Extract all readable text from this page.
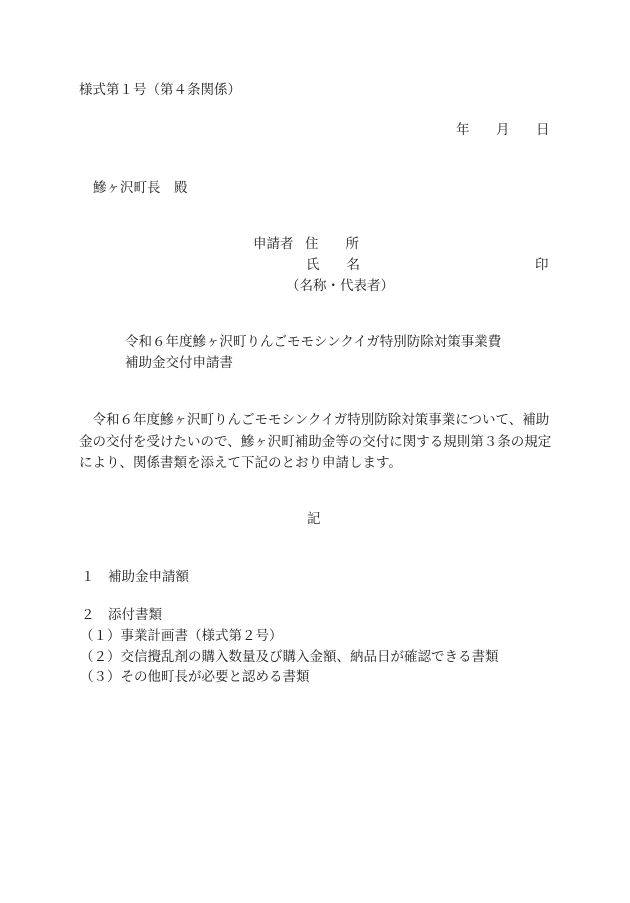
様式第１号（第４条関係）
年 月 日
鰺ヶ沢町長　殿
申請者 住　　所
氏　　名	印
（名称・代表者）
令和６年度鰺ヶ沢町りんごモモシンクイガ特別防除対策事業費
補助金交付申請書
　令和６年度鰺ヶ沢町りんごモモシンクイガ特別防除対策事業について、補助
金の交付を受けたいので、鰺ヶ沢町補助金等の交付に関する規則第３条の規定
により、関係書類を添えて下記のとおり申請します。
記
１　補助金申請額
２　添付書類
（１）事業計画書（様式第２号）
（２）交信攪乱剤の購入数量及び購入金額、納品日が確認できる書類
（３）その他町長が必要と認める書類
